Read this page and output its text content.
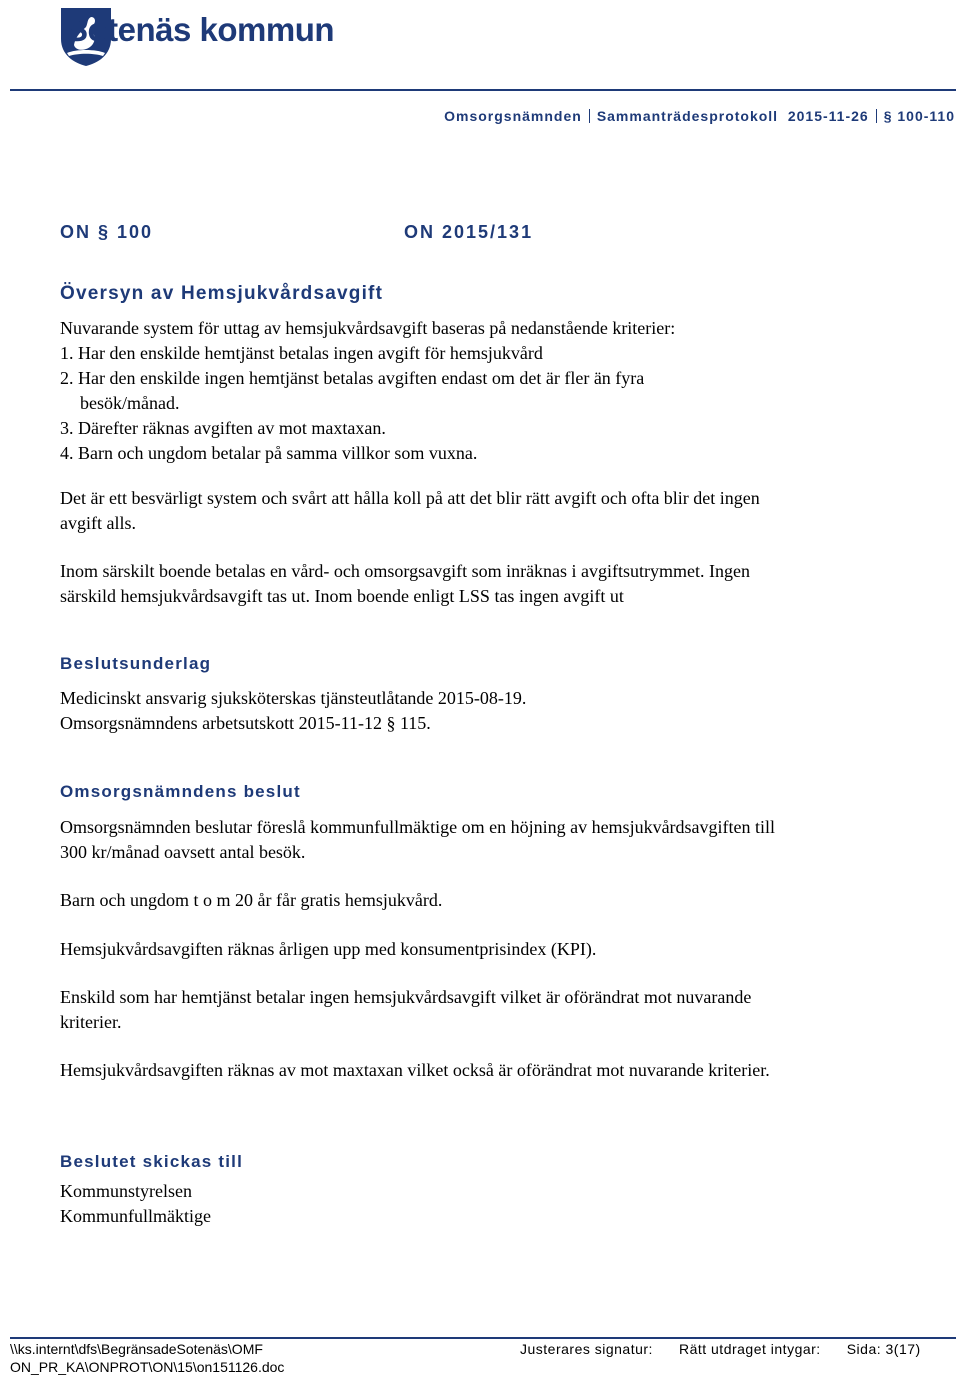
Sotenäs kommun
Omsorgsnämnden Sammanträdesprotokoll 2015-11-26 § 100-110
ON § 100	ON 2015/131
Översyn av Hemsjukvårdsavgift
Nuvarande system för uttag av hemsjukvårdsavgift baseras på nedanstående kriterier:
1. Har den enskilde hemtjänst betalas ingen avgift för hemsjukvård
2. Har den enskilde ingen hemtjänst betalas avgiften endast om det är fler än fyra
besök/månad.
3. Därefter räknas avgiften av mot maxtaxan.
4. Barn och ungdom betalar på samma villkor som vuxna.
Det är ett besvärligt system och svårt att hålla koll på att det blir rätt avgift och ofta blir det ingen
avgift alls.
Inom särskilt boende betalas en vård- och omsorgsavgift som inräknas i avgiftsutrymmet. Ingen
särskild hemsjukvårdsavgift tas ut. Inom boende enligt LSS tas ingen avgift ut
Beslutsunderlag
Medicinskt ansvarig sjuksköterskas tjänsteutlåtande 2015-08-19.
Omsorgsnämndens arbetsutskott 2015-11-12 § 115.
Omsorgsnämndens beslut
Omsorgsnämnden beslutar föreslå kommunfullmäktige om en höjning av hemsjukvårdsavgiften till
300 kr/månad oavsett antal besök.
Barn och ungdom t o m 20 år får gratis hemsjukvård.
Hemsjukvårdsavgiften räknas årligen upp med konsumentprisindex (KPI).
Enskild som har hemtjänst betalar ingen hemsjukvårdsavgift vilket är oförändrat mot nuvarande
kriterier.
Hemsjukvårdsavgiften räknas av mot maxtaxan vilket också är oförändrat mot nuvarande kriterier.
Beslutet skickas till
Kommunstyrelsen
Kommunfullmäktige
\\ks.internt\dfs\BegränsadeSotenäs\OMF
ON_PR_KA\ONPROT\ON\15\on151126.doc
Justerares signatur: Rätt utdraget intygar: Sida: 3(17)
